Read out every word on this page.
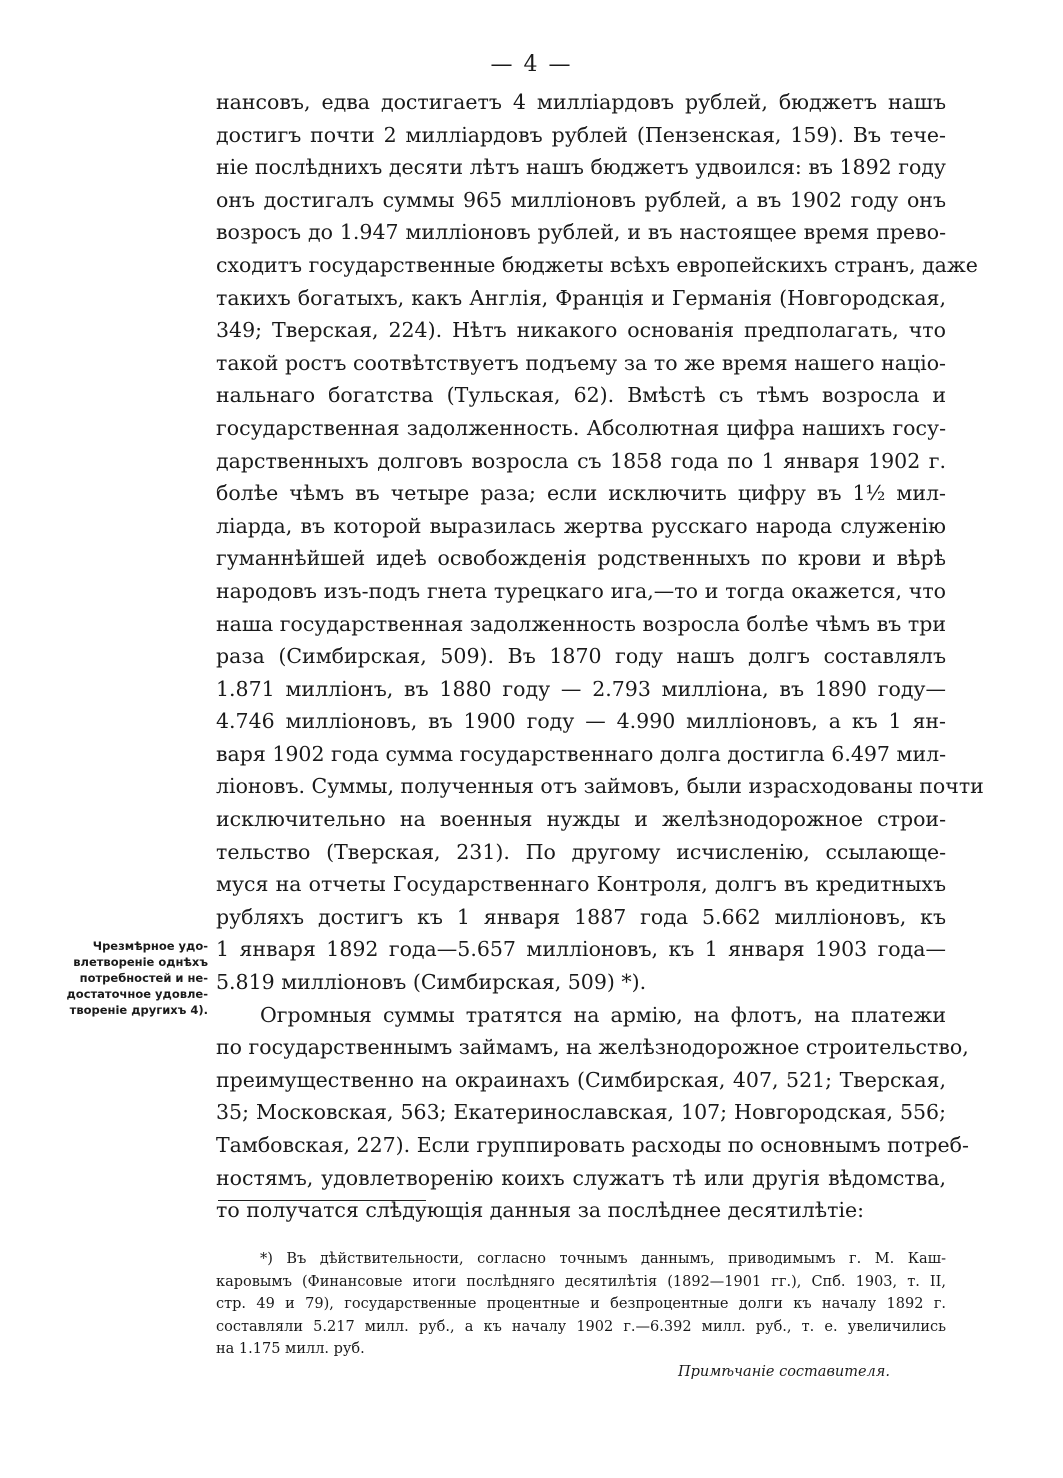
— 4 —
нансовъ, едва достигаетъ 4 милліардовъ рублей, бюджетъ нашъ
достигъ почти 2 милліардовъ рублей (Пензенская, 159). Въ тече-
ніе послѣднихъ десяти лѣтъ нашъ бюджетъ удвоился: въ 1892 году
онъ достигалъ суммы 965 милліоновъ рублей, а въ 1902 году онъ
возросъ до 1.947 милліоновъ рублей, и въ настоящее время прево-
сходитъ государственные бюджеты всѣхъ европейскихъ странъ, даже
такихъ богатыхъ, какъ Англія, Франція и Германія (Новгородская,
349; Тверская, 224). Нѣтъ никакого основанія предполагать, что
такой ростъ соотвѣтствуетъ подъему за то же время нашего націо-
нальнаго богатства (Тульская, 62). Вмѣстѣ съ тѣмъ возросла и
государственная задолженность. Абсолютная цифра нашихъ госу-
дарственныхъ долговъ возросла съ 1858 года по 1 января 1902 г.
болѣе чѣмъ въ четыре раза; если исключить цифру въ 1½ мил-
ліарда, въ которой выразилась жертва русскаго народа служенію
гуманнѣйшей идеѣ освобожденія родственныхъ по крови и вѣрѣ
народовъ изъ-подъ гнета турецкаго ига,—то и тогда окажется, что
наша государственная задолженность возросла болѣе чѣмъ въ три
раза (Симбирская, 509). Въ 1870 году нашъ долгъ составлялъ
1.871 милліонъ, въ 1880 году — 2.793 милліона, въ 1890 году—
4.746 милліоновъ, въ 1900 году — 4.990 милліоновъ, а къ 1 ян-
варя 1902 года сумма государственнаго долга достигла 6.497 мил-
ліоновъ. Суммы, полученныя отъ займовъ, были израсходованы почти
исключительно на военныя нужды и желѣзнодорожное строи-
тельство (Тверская, 231). По другому исчисленію, ссылающе-
муся на отчеты Государственнаго Контроля, долгъ въ кредитныхъ
рубляхъ достигъ къ 1 января 1887 года 5.662 милліоновъ, къ
1 января 1892 года—5.657 милліоновъ, къ 1 января 1903 года—
5.819 милліоновъ (Симбирская, 509) *).
Огромныя суммы тратятся на армію, на флотъ, на платежи
по государственнымъ займамъ, на желѣзнодорожное строительство,
преимущественно на окраинахъ (Симбирская, 407, 521; Тверская,
35; Московская, 563; Екатеринославская, 107; Новгородская, 556;
Тамбовская, 227). Если группировать расходы по основнымъ потреб-
ностямъ, удовлетворенію коихъ служатъ тѣ или другія вѣдомства,
то получатся слѣдующія данныя за послѣднее десятилѣтіе:
Чрезмѣрное удо-
влетвореніе однѣхъ
потребностей и не-
достаточное удовле-
твореніе другихъ 4).
*) Въ дѣйствительности, согласно точнымъ даннымъ, приводимымъ г. М. Каш-
каровымъ (Финансовые итоги послѣдняго десятилѣтія (1892—1901 гг.), Спб. 1903, т. II,
стр. 49 и 79), государственные процентные и безпроцентные долги къ началу 1892 г.
составляли 5.217 милл. руб., а къ началу 1902 г.—6.392 милл. руб., т. е. увеличились
на 1.175 милл. руб.
Примѣчаніе составителя.
